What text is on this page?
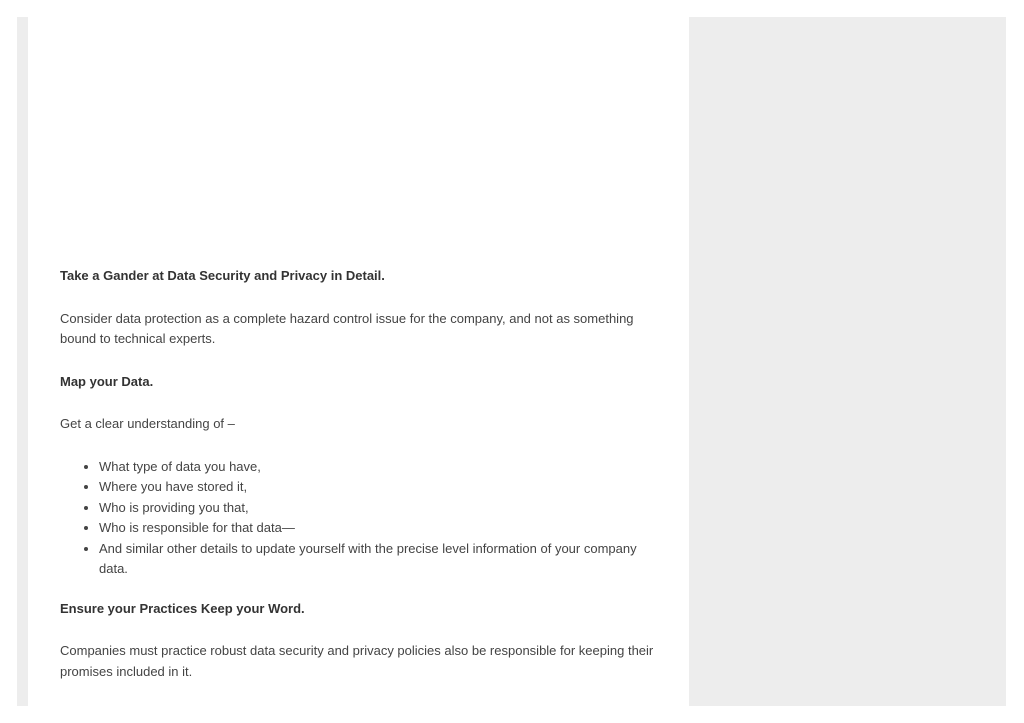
Take a Gander at Data Security and Privacy in Detail.

Consider data protection as a complete hazard control issue for the company, and not as something bound to technical experts.

Map your Data.

Get a clear understanding of –

• What type of data you have,
• Where you have stored it,
• Who is providing you that,
• Who is responsible for that data—
• And similar other details to update yourself with the precise level information of your company data.

Ensure your Practices Keep your Word.

Companies must practice robust data security and privacy policies also be responsible for keeping their promises included in it.
